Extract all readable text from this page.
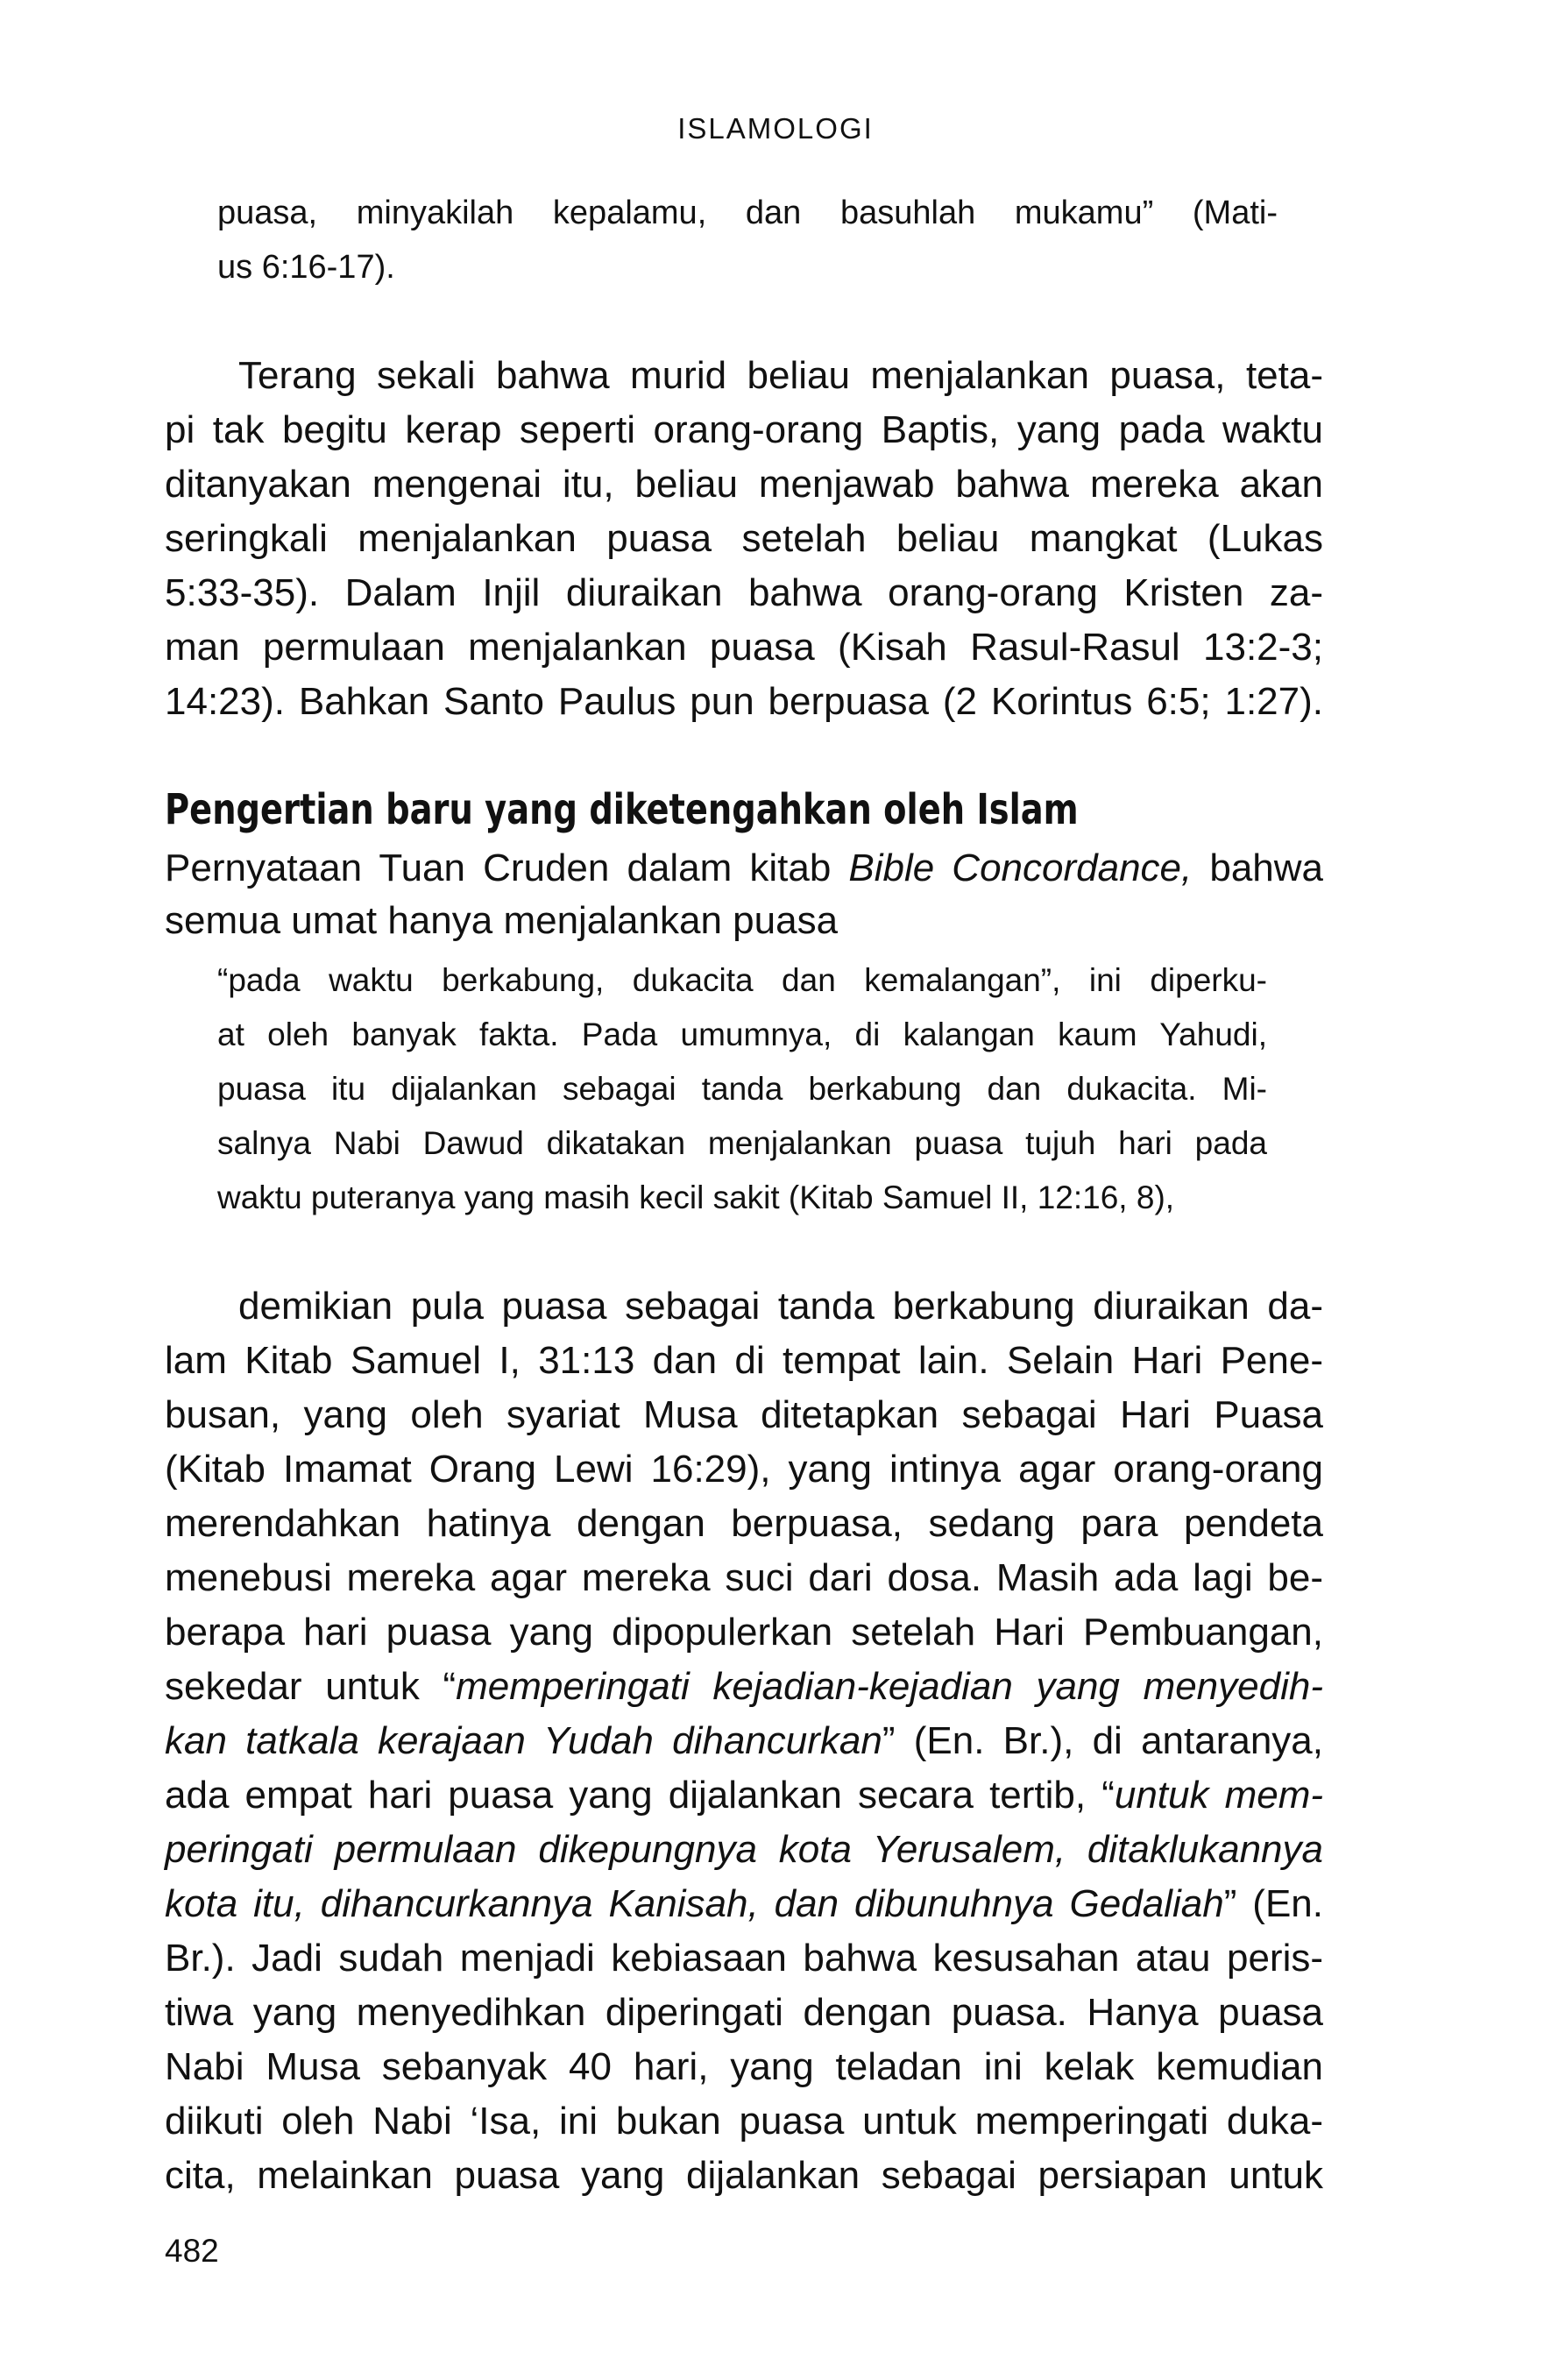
ISLAMOLOGI
puasa, minyakilah kepalamu, dan basuhlah mukamu” (Mati-
us 6:16-17).
Terang sekali bahwa murid beliau menjalankan puasa, teta-
pi tak begitu kerap seperti orang-orang Baptis, yang pada waktu
ditanyakan mengenai itu, beliau menjawab bahwa mereka akan
seringkali menjalankan puasa setelah beliau mangkat (Lukas
5:33-35). Dalam Injil diuraikan bahwa orang-orang Kristen za-
man permulaan menjalankan puasa (Kisah Rasul-Rasul 13:2-3;
14:23). Bahkan Santo Paulus pun berpuasa (2 Korintus 6:5; 1:27).
Pengertian baru yang diketengahkan oleh Islam
Pernyataan Tuan Cruden dalam kitab Bible Concordance, bahwa
semua umat hanya menjalankan puasa
“pada waktu berkabung, dukacita dan kemalangan”, ini diperku-
at oleh banyak fakta. Pada umumnya, di kalangan kaum Yahudi,
puasa itu dijalankan sebagai tanda berkabung dan dukacita. Mi-
salnya Nabi Dawud dikatakan menjalankan puasa tujuh hari pada
waktu puteranya yang masih kecil sakit (Kitab Samuel II, 12:16, 8),
demikian pula puasa sebagai tanda berkabung diuraikan da-
lam Kitab Samuel I, 31:13 dan di tempat lain. Selain Hari Pene-
busan, yang oleh syariat Musa ditetapkan sebagai Hari Puasa
(Kitab Imamat Orang Lewi 16:29), yang intinya agar orang-orang
merendahkan hatinya dengan berpuasa, sedang para pendeta
menebusi mereka agar mereka suci dari dosa. Masih ada lagi be-
berapa hari puasa yang dipopulerkan setelah Hari Pembuangan,
sekedar untuk “memperingati kejadian-kejadian yang menyedih-
kan tatkala kerajaan Yudah dihancurkan” (En. Br.), di antaranya,
ada empat hari puasa yang dijalankan secara tertib, “untuk mem-
peringati permulaan dikepungnya kota Yerusalem, ditaklukannya
kota itu, dihancurkannya Kanisah, dan dibunuhnya Gedaliah” (En.
Br.). Jadi sudah menjadi kebiasaan bahwa kesusahan atau peris-
tiwa yang menyedihkan diperingati dengan puasa. Hanya puasa
Nabi Musa sebanyak 40 hari, yang teladan ini kelak kemudian
diikuti oleh Nabi ‘Isa, ini bukan puasa untuk memperingati duka-
cita, melainkan puasa yang dijalankan sebagai persiapan untuk
482
